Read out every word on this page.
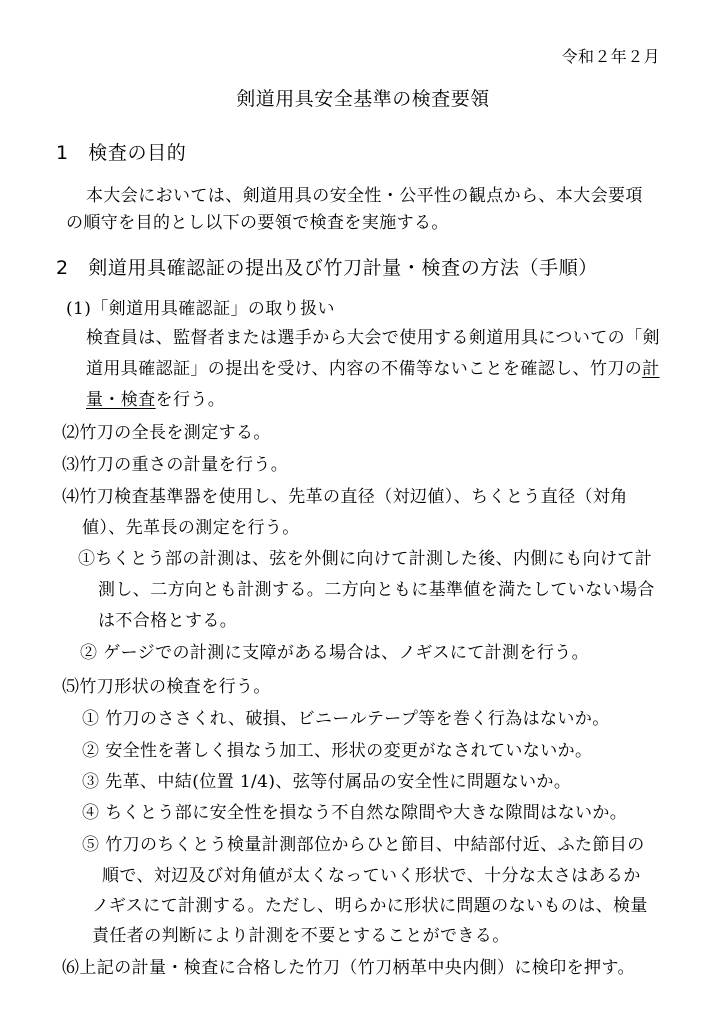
令和２年２月

剣道用具安全基準の検査要領

1　検査の目的

本大会においては、剣道用具の安全性・公平性の観点から、本大会要項

の順守を目的とし以下の要領で検査を実施する。

2　剣道用具確認証の提出及び竹刀計量・検査の方法（手順）

(1)「剣道用具確認証」の取り扱い

検査員は、監督者または選手から大会で使用する剣道用具についての「剣

道用具確認証」の提出を受け、内容の不備等ないことを確認し、竹刀の計

量・検査を行う。

⑵竹刀の全長を測定する。

⑶竹刀の重さの計量を行う。

⑷竹刀検査基準器を使用し、先革の直径（対辺値）、ちくとう直径（対角

値）、先革長の測定を行う。

①ちくとう部の計測は、弦を外側に向けて計測した後、内側にも向けて計

測し、二方向とも計測する。二方向ともに基準値を満たしていない場合

は不合格とする。

② ゲージでの計測に支障がある場合は、ノギスにて計測を行う。

⑸竹刀形状の検査を行う。

① 竹刀のささくれ、破損、ビニールテープ等を巻く行為はないか。

② 安全性を著しく損なう加工、形状の変更がなされていないか。

③ 先革、中結(位置 1/4)、弦等付属品の安全性に問題ないか。

④ ちくとう部に安全性を損なう不自然な隙間や大きな隙間はないか。

⑤ 竹刀のちくとう検量計測部位からひと節目、中結部付近、ふた節目の

順で、対辺及び対角値が太くなっていく形状で、十分な太さはあるか

ノギスにて計測する。ただし、明らかに形状に問題のないものは、検量

責任者の判断により計測を不要とすることができる。

⑹上記の計量・検査に合格した竹刀（竹刀柄革中央内側）に検印を押す。
